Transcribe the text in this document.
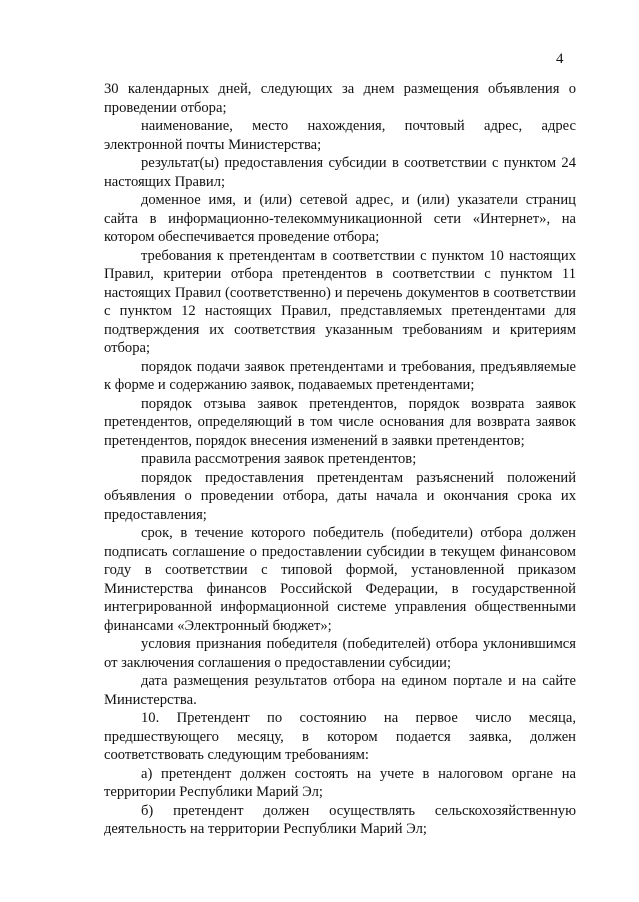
4

30 календарных дней, следующих за днем размещения объявления о проведении отбора;

наименование, место нахождения, почтовый адрес, адрес электронной почты Министерства;

результат(ы) предоставления субсидии в соответствии с пунктом 24 настоящих Правил;

доменное имя, и (или) сетевой адрес, и (или) указатели страниц сайта в информационно-телекоммуникационной сети «Интернет», на котором обеспечивается проведение отбора;

требования к претендентам в соответствии с пунктом 10 настоящих Правил, критерии отбора претендентов в соответствии с пунктом 11 настоящих Правил (соответственно) и перечень документов в соответствии с пунктом 12 настоящих Правил, представляемых претендентами для подтверждения их соответствия указанным требованиям и критериям отбора;

порядок подачи заявок претендентами и требования, предъявляемые к форме и содержанию заявок, подаваемых претендентами;

порядок отзыва заявок претендентов, порядок возврата заявок претендентов, определяющий в том числе основания для возврата заявок претендентов, порядок внесения изменений в заявки претендентов;

правила рассмотрения заявок претендентов;

порядок предоставления претендентам разъяснений положений объявления о проведении отбора, даты начала и окончания срока их предоставления;

срок, в течение которого победитель (победители) отбора должен подписать соглашение о предоставлении субсидии в текущем финансовом году в соответствии с типовой формой, установленной приказом Министерства финансов Российской Федерации, в государственной интегрированной информационной системе управления общественными финансами «Электронный бюджет»;

условия признания победителя (победителей) отбора уклонившимся от заключения соглашения о предоставлении субсидии;

дата размещения результатов отбора на едином портале и на сайте Министерства.

10. Претендент по состоянию на первое число месяца, предшествующего месяцу, в котором подается заявка, должен соответствовать следующим требованиям:

а) претендент должен состоять на учете в налоговом органе на территории Республики Марий Эл;

б) претендент должен осуществлять сельскохозяйственную деятельность на территории Республики Марий Эл;
